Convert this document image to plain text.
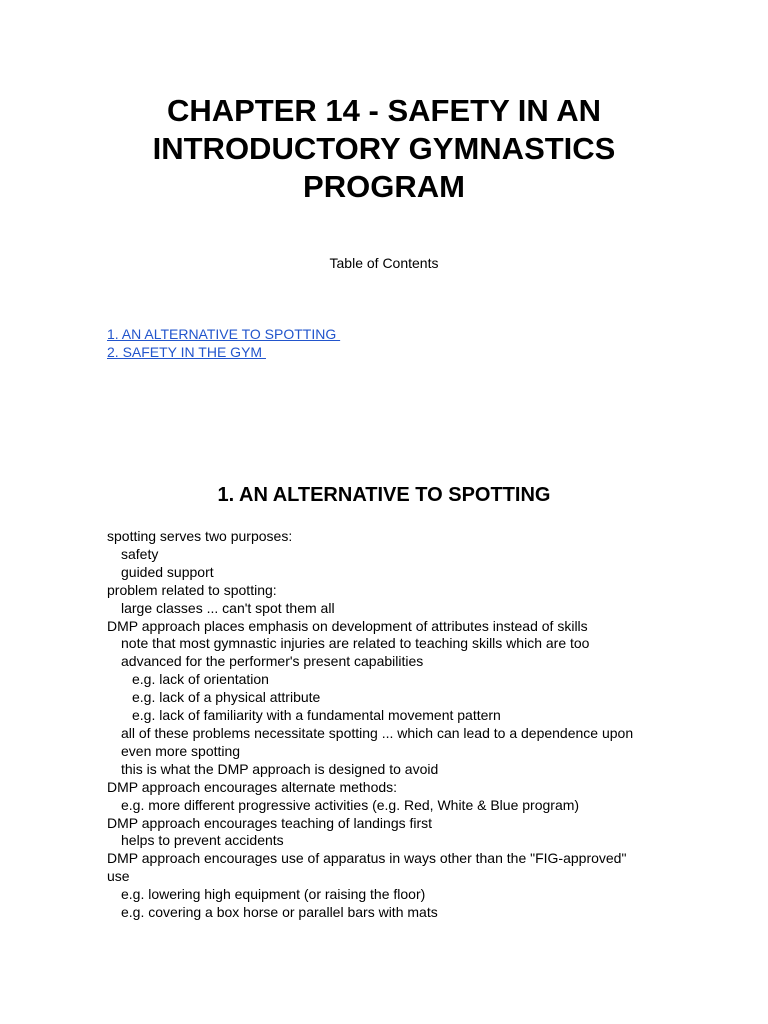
CHAPTER 14 - SAFETY IN AN
INTRODUCTORY GYMNASTICS
PROGRAM
Table of Contents
1. AN ALTERNATIVE TO SPOTTING
2. SAFETY IN THE GYM
1. AN ALTERNATIVE TO SPOTTING
spotting serves two purposes:
safety
guided support
problem related to spotting:
large classes ... can't spot them all
DMP approach places emphasis on development of attributes instead of skills
note that most gymnastic injuries are related to teaching skills which are too
advanced for the performer's present capabilities
e.g. lack of orientation
e.g. lack of a physical attribute
e.g. lack of familiarity with a fundamental movement pattern
all of these problems necessitate spotting ... which can lead to a dependence upon
even more spotting
this is what the DMP approach is designed to avoid
DMP approach encourages alternate methods:
e.g. more different progressive activities (e.g. Red, White & Blue program)
DMP approach encourages teaching of landings first
helps to prevent accidents
DMP approach encourages use of apparatus in ways other than the "FIG-approved"
use
e.g. lowering high equipment (or raising the floor)
e.g. covering a box horse or parallel bars with mats
